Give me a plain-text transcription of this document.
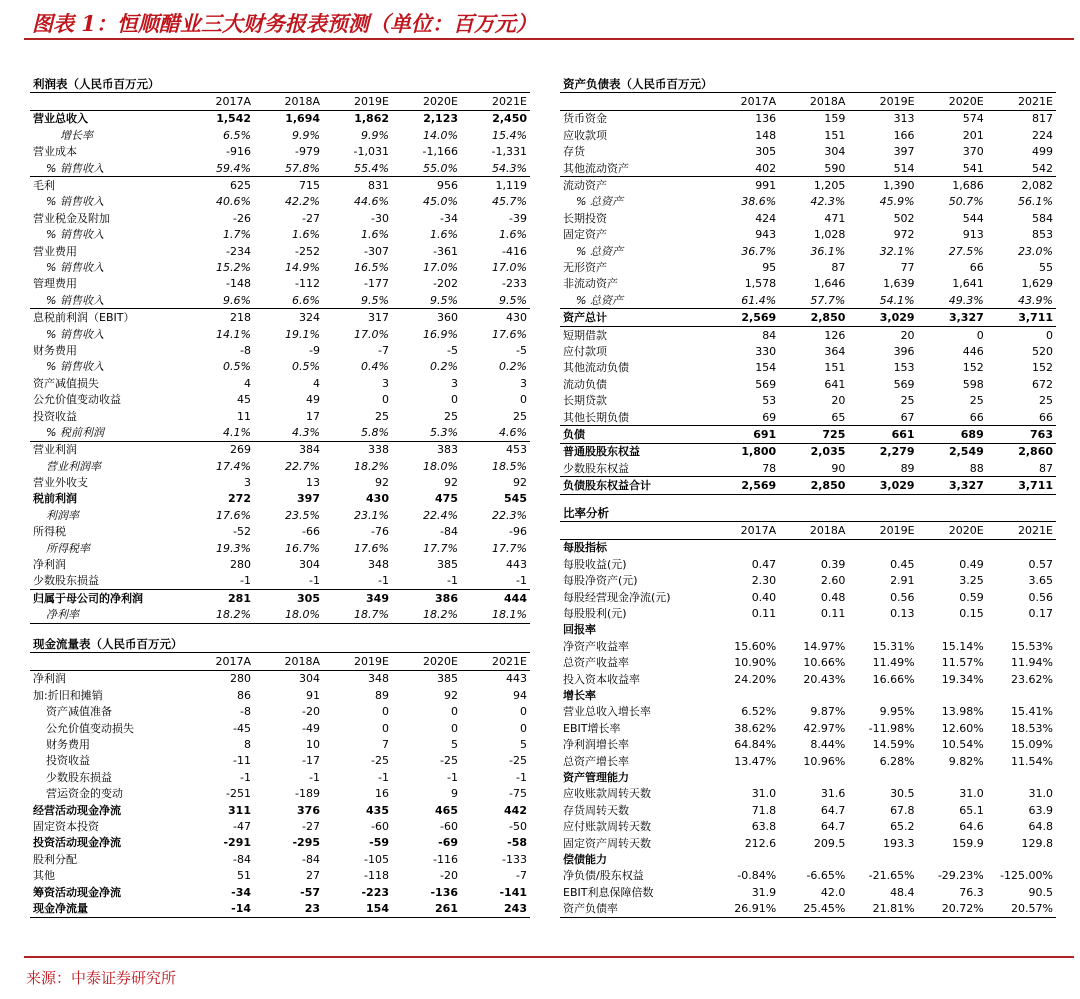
图表 1：恒顺醋业三大财务报表预测（单位：百万元）
利润表（人民币百万元）					
	2017A	2018A	2019E	2020E	2021E
营业总收入	1,542	1,694	1,862	2,123	2,450
增长率	6.5%	9.9%	9.9%	14.0%	15.4%
营业成本	-916	-979	-1,031	-1,166	-1,331
% 销售收入	59.4%	57.8%	55.4%	55.0%	54.3%
毛利	625	715	831	956	1,119
% 销售收入	40.6%	42.2%	44.6%	45.0%	45.7%
营业税金及附加	-26	-27	-30	-34	-39
% 销售收入	1.7%	1.6%	1.6%	1.6%	1.6%
营业费用	-234	-252	-307	-361	-416
% 销售收入	15.2%	14.9%	16.5%	17.0%	17.0%
管理费用	-148	-112	-177	-202	-233
% 销售收入	9.6%	6.6%	9.5%	9.5%	9.5%
息税前利润（EBIT）	218	324	317	360	430
% 销售收入	14.1%	19.1%	17.0%	16.9%	17.6%
财务费用	-8	-9	-7	-5	-5
% 销售收入	0.5%	0.5%	0.4%	0.2%	0.2%
资产减值损失	4	4	3	3	3
公允价值变动收益	45	49	0	0	0
投资收益	11	17	25	25	25
% 税前利润	4.1%	4.3%	5.8%	5.3%	4.6%
营业利润	269	384	338	383	453
营业利润率	17.4%	22.7%	18.2%	18.0%	18.5%
营业外收支	3	13	92	92	92
税前利润	272	397	430	475	545
利润率	17.6%	23.5%	23.1%	22.4%	22.3%
所得税	-52	-66	-76	-84	-96
所得税率	19.3%	16.7%	17.6%	17.7%	17.7%
净利润	280	304	348	385	443
少数股东损益	-1	-1	-1	-1	-1
归属于母公司的净利润	281	305	349	386	444
净利率	18.2%	18.0%	18.7%	18.2%	18.1%
现金流量表（人民币百万元）					
	2017A	2018A	2019E	2020E	2021E
净利润	280	304	348	385	443
加:折旧和摊销	86	91	89	92	94
资产减值准备	-8	-20	0	0	0
公允价值变动损失	-45	-49	0	0	0
财务费用	8	10	7	5	5
投资收益	-11	-17	-25	-25	-25
少数股东损益	-1	-1	-1	-1	-1
营运资金的变动	-251	-189	16	9	-75
经营活动现金净流	311	376	435	465	442
固定资本投资	-47	-27	-60	-60	-50
投资活动现金净流	-291	-295	-59	-69	-58
股利分配	-84	-84	-105	-116	-133
其他	51	27	-118	-20	-7
筹资活动现金净流	-34	-57	-223	-136	-141
现金净流量	-14	23	154	261	243
资产负债表（人民币百万元）					
	2017A	2018A	2019E	2020E	2021E
货币资金	136	159	313	574	817
应收款项	148	151	166	201	224
存货	305	304	397	370	499
其他流动资产	402	590	514	541	542
流动资产	991	1,205	1,390	1,686	2,082
% 总资产	38.6%	42.3%	45.9%	50.7%	56.1%
长期投资	424	471	502	544	584
固定资产	943	1,028	972	913	853
% 总资产	36.7%	36.1%	32.1%	27.5%	23.0%
无形资产	95	87	77	66	55
非流动资产	1,578	1,646	1,639	1,641	1,629
% 总资产	61.4%	57.7%	54.1%	49.3%	43.9%
资产总计	2,569	2,850	3,029	3,327	3,711
短期借款	84	126	20	0	0
应付款项	330	364	396	446	520
其他流动负债	154	151	153	152	152
流动负债	569	641	569	598	672
长期贷款	53	20	25	25	25
其他长期负债	69	65	67	66	66
负债	691	725	661	689	763
普通股股东权益	1,800	2,035	2,279	2,549	2,860
少数股东权益	78	90	89	88	87
负债股东权益合计	2,569	2,850	3,029	3,327	3,711
比率分析					
	2017A	2018A	2019E	2020E	2021E
每股指标					
每股收益(元)	0.47	0.39	0.45	0.49	0.57
每股净资产(元)	2.30	2.60	2.91	3.25	3.65
每股经营现金净流(元)	0.40	0.48	0.56	0.59	0.56
每股股利(元)	0.11	0.11	0.13	0.15	0.17
回报率					
净资产收益率	15.60%	14.97%	15.31%	15.14%	15.53%
总资产收益率	10.90%	10.66%	11.49%	11.57%	11.94%
投入资本收益率	24.20%	20.43%	16.66%	19.34%	23.62%
增长率					
营业总收入增长率	6.52%	9.87%	9.95%	13.98%	15.41%
EBIT增长率	38.62%	42.97%	-11.98%	12.60%	18.53%
净利润增长率	64.84%	8.44%	14.59%	10.54%	15.09%
总资产增长率	13.47%	10.96%	6.28%	9.82%	11.54%
资产管理能力					
应收账款周转天数	31.0	31.6	30.5	31.0	31.0
存货周转天数	71.8	64.7	67.8	65.1	63.9
应付账款周转天数	63.8	64.7	65.2	64.6	64.8
固定资产周转天数	212.6	209.5	193.3	159.9	129.8
偿债能力					
净负债/股东权益	-0.84%	-6.65%	-21.65%	-29.23%	-125.00%
EBIT利息保障倍数	31.9	42.0	48.4	76.3	90.5
资产负债率	26.91%	25.45%	21.81%	20.72%	20.57%
来源：中泰证券研究所
